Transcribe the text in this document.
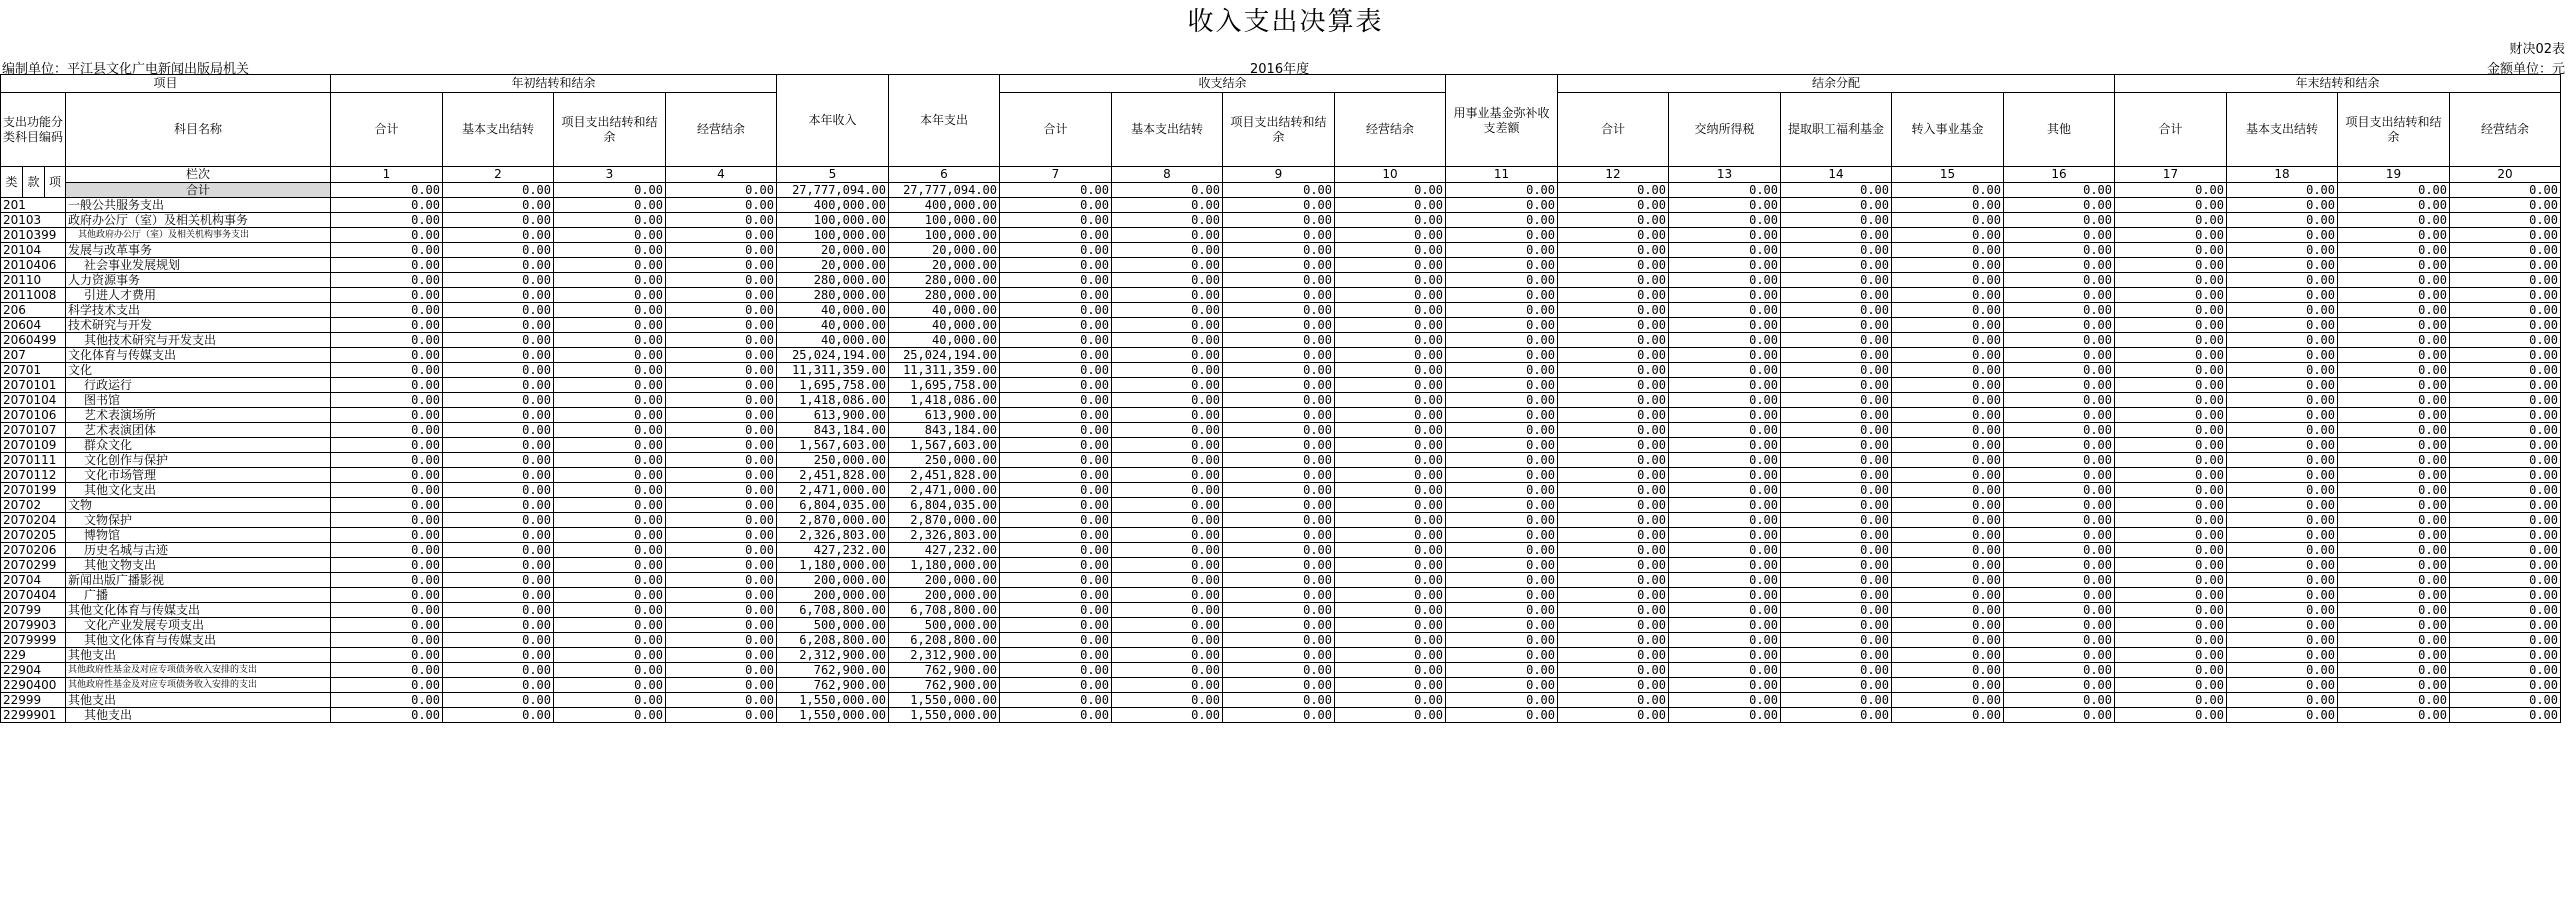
收入支出决算表
财决02表
编制单位：平江县文化广电新闻出版局机关	2016年度	金额单位：元
项目				年初结转和结余				本年收入	本年支出	收支结余				用事业基金弥补收支差额	结余分配					年末结转和结余			
支出功能分类科目编码			科目名称	合计	基本支出结转	项目支出结转和结余	经营结余			合计	基本支出结转	项目支出结转和结余	经营结余		合计	交纳所得税	提取职工福利基金	转入事业基金	其他	合计	基本支出结转	项目支出结转和结余	经营结余
类	款	项	栏次	1	2	3	4	5	6	7	8	9	10	11	12	13	14	15	16	17	18	19	20
			合计	0.00	0.00	0.00	0.00	27,777,094.00	27,777,094.00	0.00	0.00	0.00	0.00	0.00	0.00	0.00	0.00	0.00	0.00	0.00	0.00	0.00	0.00
201			一般公共服务支出	0.00	0.00	0.00	0.00	400,000.00	400,000.00	0.00	0.00	0.00	0.00	0.00	0.00	0.00	0.00	0.00	0.00	0.00	0.00	0.00	0.00
20103			政府办公厅（室）及相关机构事务	0.00	0.00	0.00	0.00	100,000.00	100,000.00	0.00	0.00	0.00	0.00	0.00	0.00	0.00	0.00	0.00	0.00	0.00	0.00	0.00	0.00
2010399			其他政府办公厅（室）及相关机构事务支出	0.00	0.00	0.00	0.00	100,000.00	100,000.00	0.00	0.00	0.00	0.00	0.00	0.00	0.00	0.00	0.00	0.00	0.00	0.00	0.00	0.00
20104			发展与改革事务	0.00	0.00	0.00	0.00	20,000.00	20,000.00	0.00	0.00	0.00	0.00	0.00	0.00	0.00	0.00	0.00	0.00	0.00	0.00	0.00	0.00
2010406			社会事业发展规划	0.00	0.00	0.00	0.00	20,000.00	20,000.00	0.00	0.00	0.00	0.00	0.00	0.00	0.00	0.00	0.00	0.00	0.00	0.00	0.00	0.00
20110			人力资源事务	0.00	0.00	0.00	0.00	280,000.00	280,000.00	0.00	0.00	0.00	0.00	0.00	0.00	0.00	0.00	0.00	0.00	0.00	0.00	0.00	0.00
2011008			引进人才费用	0.00	0.00	0.00	0.00	280,000.00	280,000.00	0.00	0.00	0.00	0.00	0.00	0.00	0.00	0.00	0.00	0.00	0.00	0.00	0.00	0.00
206			科学技术支出	0.00	0.00	0.00	0.00	40,000.00	40,000.00	0.00	0.00	0.00	0.00	0.00	0.00	0.00	0.00	0.00	0.00	0.00	0.00	0.00	0.00
20604			技术研究与开发	0.00	0.00	0.00	0.00	40,000.00	40,000.00	0.00	0.00	0.00	0.00	0.00	0.00	0.00	0.00	0.00	0.00	0.00	0.00	0.00	0.00
2060499			其他技术研究与开发支出	0.00	0.00	0.00	0.00	40,000.00	40,000.00	0.00	0.00	0.00	0.00	0.00	0.00	0.00	0.00	0.00	0.00	0.00	0.00	0.00	0.00
207			文化体育与传媒支出	0.00	0.00	0.00	0.00	25,024,194.00	25,024,194.00	0.00	0.00	0.00	0.00	0.00	0.00	0.00	0.00	0.00	0.00	0.00	0.00	0.00	0.00
20701			文化	0.00	0.00	0.00	0.00	11,311,359.00	11,311,359.00	0.00	0.00	0.00	0.00	0.00	0.00	0.00	0.00	0.00	0.00	0.00	0.00	0.00	0.00
2070101			行政运行	0.00	0.00	0.00	0.00	1,695,758.00	1,695,758.00	0.00	0.00	0.00	0.00	0.00	0.00	0.00	0.00	0.00	0.00	0.00	0.00	0.00	0.00
2070104			图书馆	0.00	0.00	0.00	0.00	1,418,086.00	1,418,086.00	0.00	0.00	0.00	0.00	0.00	0.00	0.00	0.00	0.00	0.00	0.00	0.00	0.00	0.00
2070106			艺术表演场所	0.00	0.00	0.00	0.00	613,900.00	613,900.00	0.00	0.00	0.00	0.00	0.00	0.00	0.00	0.00	0.00	0.00	0.00	0.00	0.00	0.00
2070107			艺术表演团体	0.00	0.00	0.00	0.00	843,184.00	843,184.00	0.00	0.00	0.00	0.00	0.00	0.00	0.00	0.00	0.00	0.00	0.00	0.00	0.00	0.00
2070109			群众文化	0.00	0.00	0.00	0.00	1,567,603.00	1,567,603.00	0.00	0.00	0.00	0.00	0.00	0.00	0.00	0.00	0.00	0.00	0.00	0.00	0.00	0.00
2070111			文化创作与保护	0.00	0.00	0.00	0.00	250,000.00	250,000.00	0.00	0.00	0.00	0.00	0.00	0.00	0.00	0.00	0.00	0.00	0.00	0.00	0.00	0.00
2070112			文化市场管理	0.00	0.00	0.00	0.00	2,451,828.00	2,451,828.00	0.00	0.00	0.00	0.00	0.00	0.00	0.00	0.00	0.00	0.00	0.00	0.00	0.00	0.00
2070199			其他文化支出	0.00	0.00	0.00	0.00	2,471,000.00	2,471,000.00	0.00	0.00	0.00	0.00	0.00	0.00	0.00	0.00	0.00	0.00	0.00	0.00	0.00	0.00
20702			文物	0.00	0.00	0.00	0.00	6,804,035.00	6,804,035.00	0.00	0.00	0.00	0.00	0.00	0.00	0.00	0.00	0.00	0.00	0.00	0.00	0.00	0.00
2070204			文物保护	0.00	0.00	0.00	0.00	2,870,000.00	2,870,000.00	0.00	0.00	0.00	0.00	0.00	0.00	0.00	0.00	0.00	0.00	0.00	0.00	0.00	0.00
2070205			博物馆	0.00	0.00	0.00	0.00	2,326,803.00	2,326,803.00	0.00	0.00	0.00	0.00	0.00	0.00	0.00	0.00	0.00	0.00	0.00	0.00	0.00	0.00
2070206			历史名城与古迹	0.00	0.00	0.00	0.00	427,232.00	427,232.00	0.00	0.00	0.00	0.00	0.00	0.00	0.00	0.00	0.00	0.00	0.00	0.00	0.00	0.00
2070299			其他文物支出	0.00	0.00	0.00	0.00	1,180,000.00	1,180,000.00	0.00	0.00	0.00	0.00	0.00	0.00	0.00	0.00	0.00	0.00	0.00	0.00	0.00	0.00
20704			新闻出版广播影视	0.00	0.00	0.00	0.00	200,000.00	200,000.00	0.00	0.00	0.00	0.00	0.00	0.00	0.00	0.00	0.00	0.00	0.00	0.00	0.00	0.00
2070404			广播	0.00	0.00	0.00	0.00	200,000.00	200,000.00	0.00	0.00	0.00	0.00	0.00	0.00	0.00	0.00	0.00	0.00	0.00	0.00	0.00	0.00
20799			其他文化体育与传媒支出	0.00	0.00	0.00	0.00	6,708,800.00	6,708,800.00	0.00	0.00	0.00	0.00	0.00	0.00	0.00	0.00	0.00	0.00	0.00	0.00	0.00	0.00
2079903			文化产业发展专项支出	0.00	0.00	0.00	0.00	500,000.00	500,000.00	0.00	0.00	0.00	0.00	0.00	0.00	0.00	0.00	0.00	0.00	0.00	0.00	0.00	0.00
2079999			其他文化体育与传媒支出	0.00	0.00	0.00	0.00	6,208,800.00	6,208,800.00	0.00	0.00	0.00	0.00	0.00	0.00	0.00	0.00	0.00	0.00	0.00	0.00	0.00	0.00
229			其他支出	0.00	0.00	0.00	0.00	2,312,900.00	2,312,900.00	0.00	0.00	0.00	0.00	0.00	0.00	0.00	0.00	0.00	0.00	0.00	0.00	0.00	0.00
22904			其他政府性基金及对应专项债务收入安排的支出	0.00	0.00	0.00	0.00	762,900.00	762,900.00	0.00	0.00	0.00	0.00	0.00	0.00	0.00	0.00	0.00	0.00	0.00	0.00	0.00	0.00
2290400			其他政府性基金及对应专项债务收入安排的支出	0.00	0.00	0.00	0.00	762,900.00	762,900.00	0.00	0.00	0.00	0.00	0.00	0.00	0.00	0.00	0.00	0.00	0.00	0.00	0.00	0.00
22999			其他支出	0.00	0.00	0.00	0.00	1,550,000.00	1,550,000.00	0.00	0.00	0.00	0.00	0.00	0.00	0.00	0.00	0.00	0.00	0.00	0.00	0.00	0.00
2299901			其他支出	0.00	0.00	0.00	0.00	1,550,000.00	1,550,000.00	0.00	0.00	0.00	0.00	0.00	0.00	0.00	0.00	0.00	0.00	0.00	0.00	0.00	0.00
